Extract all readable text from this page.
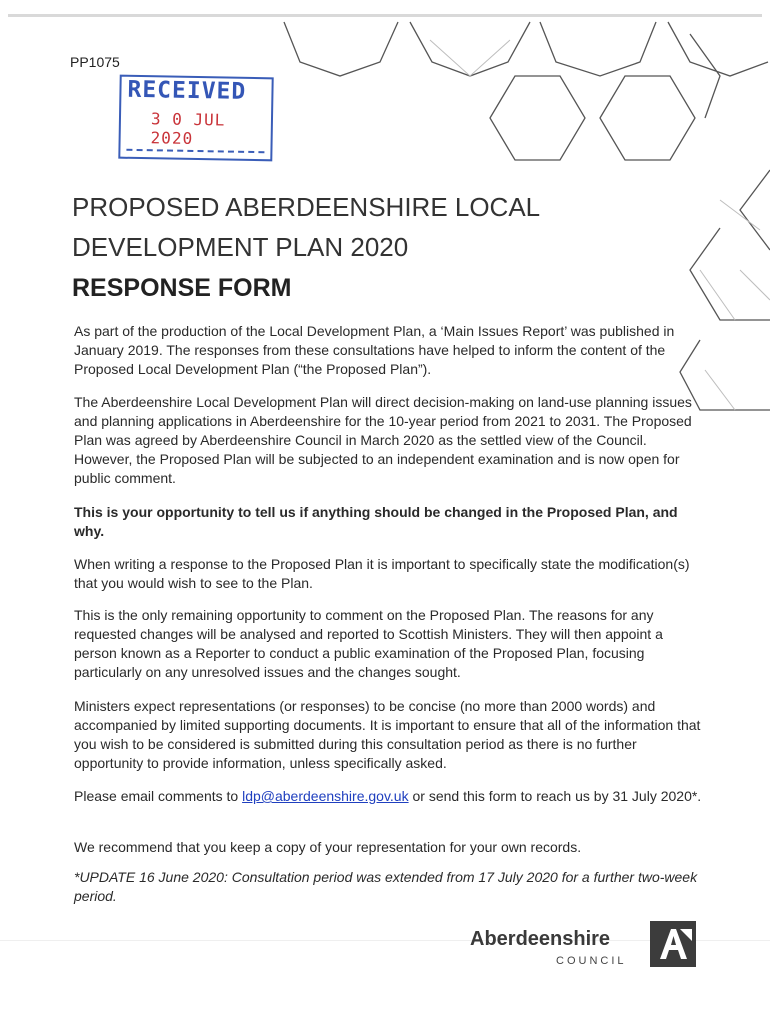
PP1075
RECEIVED
3 0 JUL 2020
PROPOSED ABERDEENSHIRE LOCAL
DEVELOPMENT PLAN 2020
RESPONSE FORM

As part of the production of the Local Development Plan, a ‘Main Issues Report’ was published in January 2019. The responses from these consultations have helped to inform the content of the Proposed Local Development Plan (“the Proposed Plan”).

The Aberdeenshire Local Development Plan will direct decision-making on land-use planning issues and planning applications in Aberdeenshire for the 10-year period from 2021 to 2031. The Proposed Plan was agreed by Aberdeenshire Council in March 2020 as the settled view of the Council. However, the Proposed Plan will be subjected to an independent examination and is now open for public comment.

This is your opportunity to tell us if anything should be changed in the Proposed Plan, and why.

When writing a response to the Proposed Plan it is important to specifically state the modification(s) that you would wish to see to the Plan.

This is the only remaining opportunity to comment on the Proposed Plan. The reasons for any requested changes will be analysed and reported to Scottish Ministers. They will then appoint a person known as a Reporter to conduct a public examination of the Proposed Plan, focusing particularly on any unresolved issues and the changes sought.

Ministers expect representations (or responses) to be concise (no more than 2000 words) and accompanied by limited supporting documents. It is important to ensure that all of the information that you wish to be considered is submitted during this consultation period as there is no further opportunity to provide information, unless specifically asked.

Please email comments to ldp@aberdeenshire.gov.uk or send this form to reach us by 31 July 2020*.

We recommend that you keep a copy of your representation for your own records.

*UPDATE 16 June 2020: Consultation period was extended from 17 July 2020 for a further two-week period.

Aberdeenshire
COUNCIL
